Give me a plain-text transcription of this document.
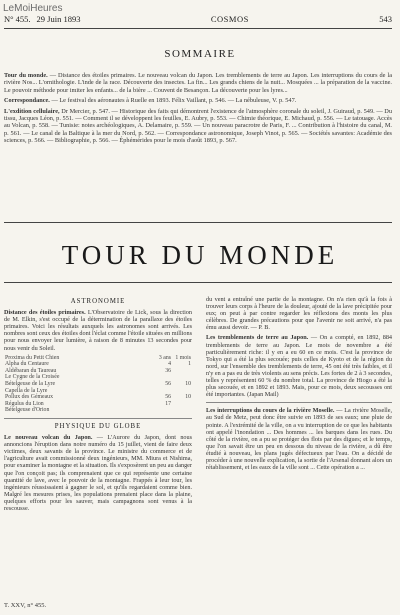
LeMoiHeures
N° 455. 29 Juin 1893	COSMOS	543
SOMMAIRE

Tour du monde. — Distance des étoiles primaires. Le nouveau volcan du Japon. Les tremblements de terre au Japon. Les interruptions du cours de la rivière Nos... L'ornithologie. L'inde de la race. Découverte des insectes. La fin... Les grands chiens de la nuit... Mosquées ... la préparation de la vaccine. Le pouvoir méthode pour imiter les enfants... de la bière ... Couvent de Besançon. La découverte pour les lyres...

Correspondance. — Le festival des aéronautes à Ruelle en 1893. Félix Vaillant, p. 546. — La nébuleuse, V. p. 547.

L'exdition cellulaire, Dr Mercier, p. 547. — Historique des faits qui démontrent l'existence de l'atmosphère coronale du soleil, J. Guiraud, p. 549. — Du tissu, Jacques Léon, p. 551. — Comment il se développent les feuilles, E. Aubry, p. 553. — Chimie théorique, E. Michaud, p. 556. — Le tatouage. Accès au Volcan, p. 558. — Tunisie: notes archéologiques, A. Delamaire, p. 559. — Un nouveau paracrotre de Paris, F. ... Contribution à l'histoire du canal, M. p. 561. — Le canal de la Baltique à la mer du Nord, p. 562. — Correspondance astronomique, Joseph Vinot, p. 565. — Sociétés savantes: Académie des sciences, p. 566. — Bibliographie, p. 566. — Éphémérides pour le mois d'août 1893, p. 567.

TOUR DU MONDE
ASTRONOMIE

Distance des étoiles primaires. L'Observatoire de Lick, sous la direction de M. Elkin, s'est occupé de la détermination de la parallaxe des étoiles primaires. Voici les résultats auxquels les astronomes sont arrivés. Les nombres sont ceux des étoiles dont l'éclat comme l'étoile situées en millions pour nous envoyer leur lumière, à raison de 8 minutes 13 secondes pour nous venir du Soleil.

Proxima du Petit Chien	3 ans	1 mois
Alpha du Centaure	4	1
Aldébaran du Taureau	36	
Le Cygne de la Croisée		
Bételgeuse de la Lyre	56	10
Capella de la Lyre		
Pollux des Gémeaux	56	10
Régulus du Lion	17	
Bételgeuse d'Orion		
PHYSIQUE DU GLOBE

Le nouveau volcan du Japon. — L'Aurore du Japon, dont nous annoncions l'éruption dans notre numéro du 15 juillet, vient de faire deux victimes, deux savants de la province. Le ministre du commerce et de l'agriculture avait commissionné deux ingénieurs, MM. Miura et Nishima, pour examiner la montagne et la situation. Ils s'exposèrent un peu au danger que l'on conçoit pas; ils comprenaient que ce qui représente une certaine quantité de lave, avec le pouvoir de la montagne. Frappés à leur tour, les ingénieurs réussissaient à gagner le sol, et qu'ils regardaient comme bien. Malgré les mesures prises, les populations prenaient place dans la plaine, quelques efforts pour les sauver, mais campagnons sont venus à la rescousse.

du vent a entraîné une partie de la montagne. On n'a rien qu'à la fois à trouver leurs corps à l'heure de la douleur, ajouté de la lave précipitée pour eux; on peut à par contre regarder les réflexions des monts les plus célèbres. De grandes précautions pour que l'avenir ne soit arrivé, n'a pas ému aussi devoir. — P. B.

Les tremblements de terre au Japon. — On a compté, en 1892, 884 tremblements de terre au Japon. Le mois de novembre a été particulièrement riche: il y en a eu 60 en ce mois. C'est la province de Tokyo qui a été la plus secouée; puis celles de Kyoto et de la région du nord, sur l'ensemble des tremblements de terre, 45 ont été très faibles, et il n'y en a pas eu de très violents au sens précis. Les fortes de 2 à 3 secondes, telles y représentent 60 % du nombre total. La province de Hiogo a été la plus secouée, et en 1892 et 1893. Mais, pour ce mois, deux secousses ont été importantes. (Japan Mail)

Les interruptions du cours de la rivière Moselle. — La rivière Moselle, au Sud de Metz, peut donc être suivie en 1893 de ses eaux; une pluie de pointe. A l'extrémité de la ville, on a vu interruption de ce que les habitants ont appelé l'inondation ... Des hommes ... les barques dans les rues. Du côté de la rivière, on a pu se protéger des flots par des digues; et le temps, que l'on savait être un peu en dessous du niveau de la rivière, a dû être étudié à nouveau, les plans jugés défectueux par l'eau. On a décidé de procéder à une nouvelle explication, la sortie de l'Arsenal donnant alors un rétablissement, et les eaux de la ville sont ... Cette opération a ...

T. XXV, n° 455.
